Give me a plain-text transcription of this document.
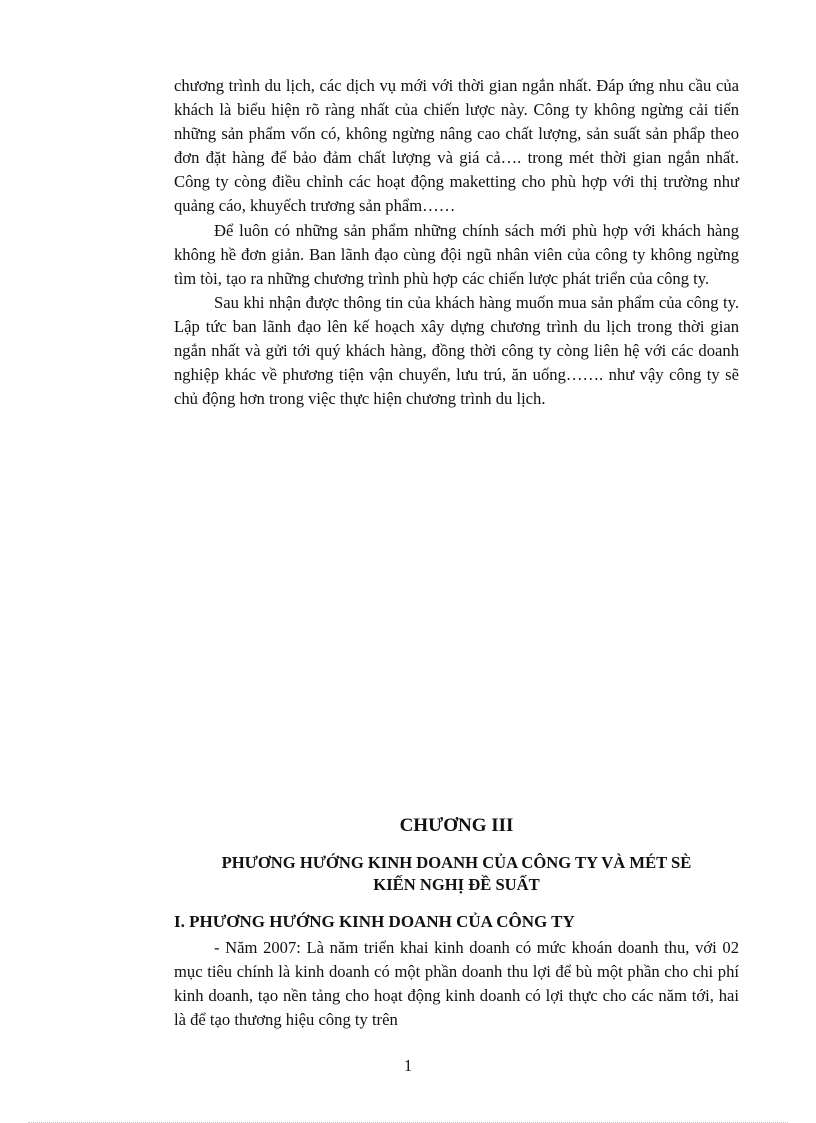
chương trình du lịch, các dịch vụ mới với thời gian ngắn nhất. Đáp ứng nhu cầu của khách là biểu hiện rõ ràng nhất của chiến lược này. Công ty không ngừng cải tiến những sản phẩm vốn có, không ngừng nâng cao chất lượng, sản suất sản phẩp theo đơn đặt hàng để bảo đảm chất lượng và giá cả…. trong mét thời gian ngắn nhất. Công ty còng điều chỉnh các hoạt động maketting cho phù hợp với thị trường như quảng cáo, khuyếch trương sản phẩm……

Để luôn có những sản phẩm những chính sách mới phù hợp với khách hàng không hề đơn giản. Ban lãnh đạo cùng đội ngũ nhân viên của công ty không ngừng tìm tòi, tạo ra những chương trình phù hợp các chiến lược phát triển của công ty.

Sau khi nhận được thông tin của khách hàng muốn mua sản phẩm của công ty. Lập tức ban lãnh đạo lên kế hoạch xây dựng chương trình du lịch trong thời gian ngắn nhất và gửi tới quý khách hàng, đồng thời công ty còng liên hệ với các doanh nghiệp khác về phương tiện vận chuyển, lưu trú, ăn uống……. như vậy công ty sẽ chủ động hơn trong việc thực hiện chương trình du lịch.

CHƯƠNG III

PHƯƠNG HƯỚNG KINH DOANH CỦA CÔNG TY VÀ MÉT SÈ
KIẾN NGHỊ ĐỀ SUẤT

I. PHƯƠNG HƯỚNG KINH DOANH CỦA CÔNG TY

- Năm 2007: Là năm triển khai kinh doanh có mức khoán doanh thu, với 02 mục tiêu chính là kinh doanh có một phần doanh thu lợi để bù một phần cho chi phí kinh doanh, tạo nền tảng cho hoạt động kinh doanh có lợi thực cho các năm tới, hai là để tạo thương hiệu công ty trên

1
